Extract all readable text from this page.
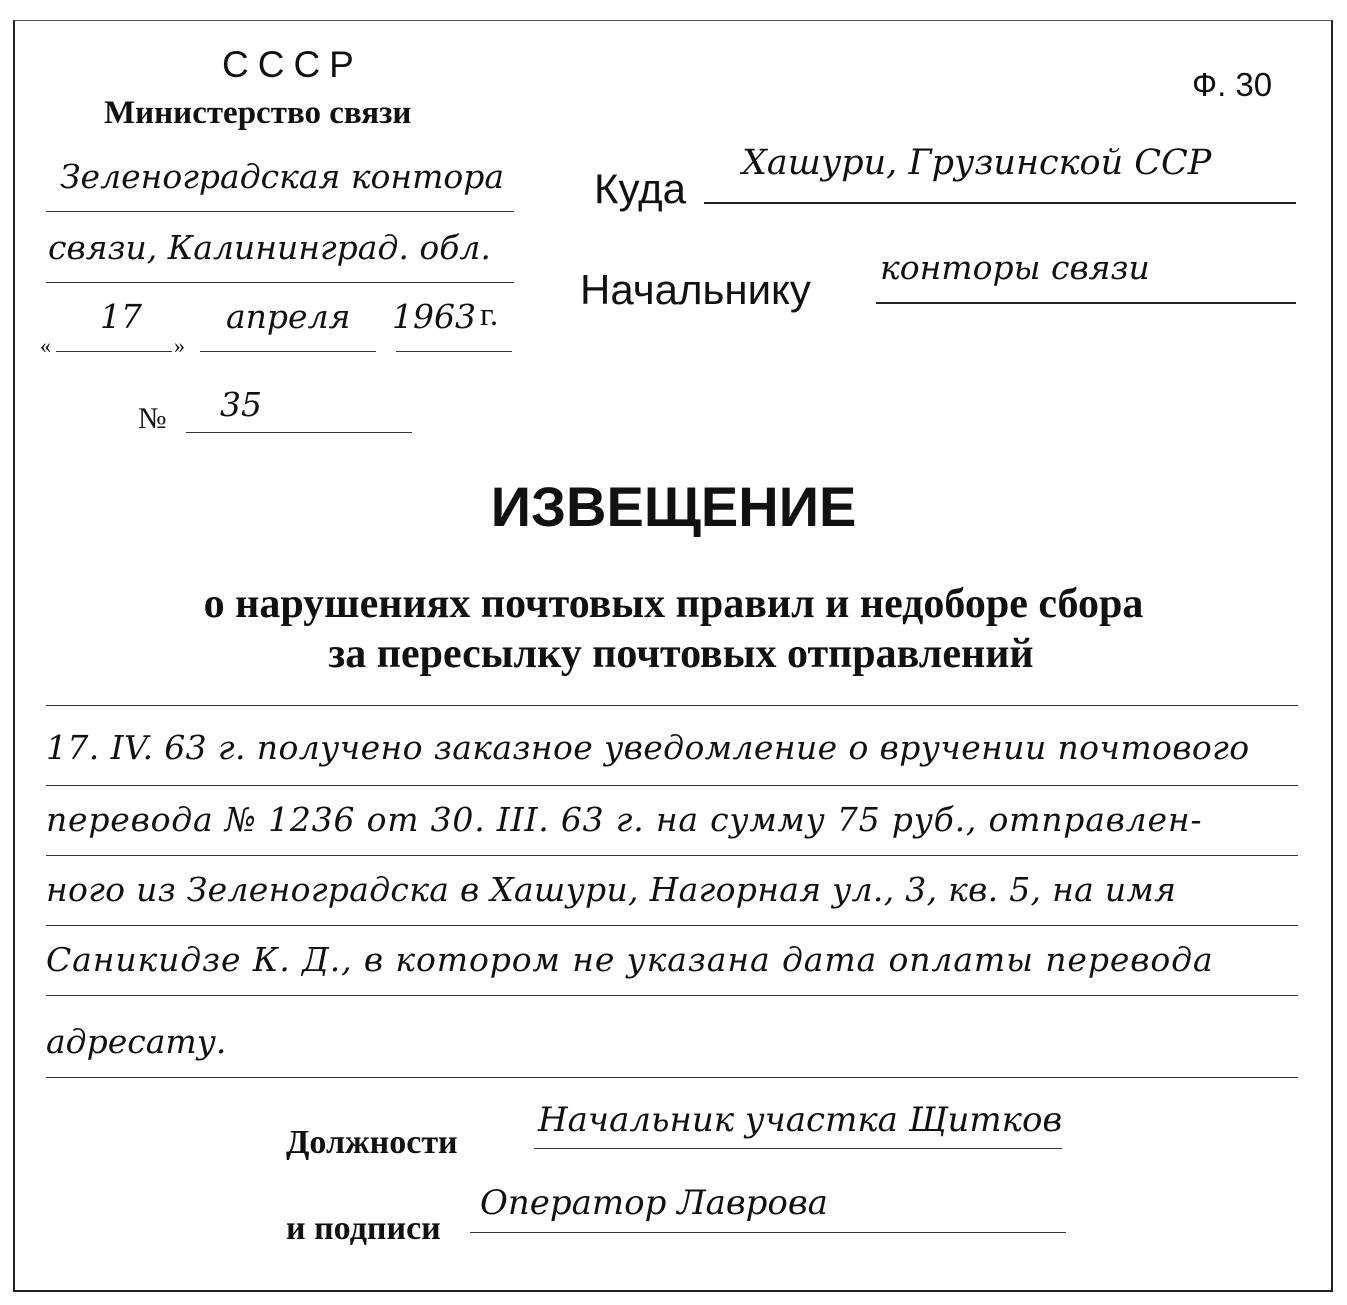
СССР
Министерство связи
Зеленоградская контора
связи, Калининград. обл.
17
«	»
апреля 1963 г.
№ 35
Ф. 30
Куда
Хашури, Грузинской ССР
Начальнику конторы связи
ИЗВЕЩЕНИЕ
о нарушениях почтовых правил и недоборе сбора
за пересылку почтовых отправлений
17. IV. 63 г. получено заказное уведомление о вручении почтового
перевода № 1236 от 30. III. 63 г. на сумму 75 руб., отправлен-
ного из Зеленоградска в Хашури, Нагорная ул., 3, кв. 5, на имя
Саникидзе К. Д., в котором не указана дата оплаты перевода
адресату.
Должности
Начальник участка Щитков
и подписи
Оператор Лаврова
